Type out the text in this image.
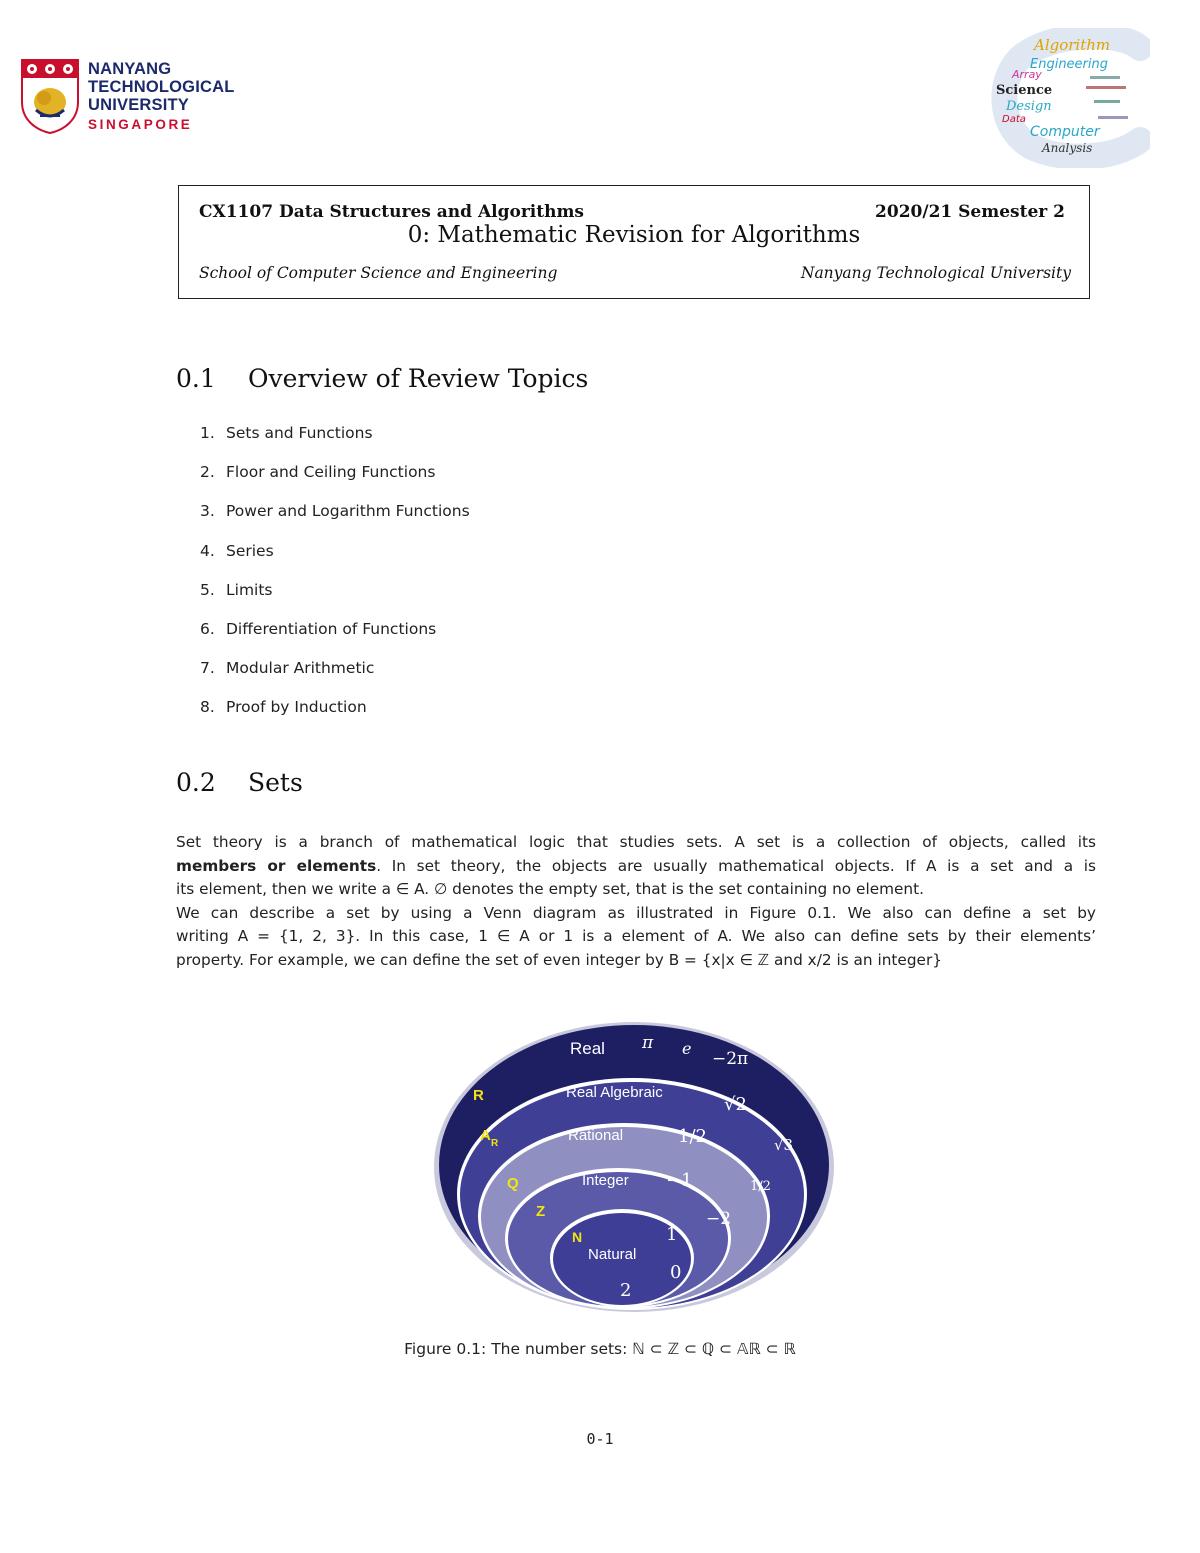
NANYANG
TECHNOLOGICAL
UNIVERSITY
SINGAPORE
Algorithm
Engineering
Science
Design
Data
Computer
Analysis
Array
CX1107 Data Structures and Algorithms	2020/21 Semester 2
0: Mathematic Revision for Algorithms
School of Computer Science and Engineering	Nanyang Technological University
0.1 Overview of Review Topics
1. Sets and Functions
2. Floor and Ceiling Functions
3. Power and Logarithm Functions
4. Series
5. Limits
6. Differentiation of Functions
7. Modular Arithmetic
8. Proof by Induction
0.2 Sets
Set theory is a branch of mathematical logic that studies sets. A set is a collection of objects, called its
members or elements. In set theory, the objects are usually mathematical objects. If A is a set and a is
its element, then we write a ∈ A. ∅ denotes the empty set, that is the set containing no element.
We can describe a set by using a Venn diagram as illustrated in Figure 0.1. We also can define a set by
writing A = {1, 2, 3}. In this case, 1 ∈ A or 1 is a element of A. We also can define sets by their elements’
property. For example, we can define the set of even integer by B = {x|x ∈ ℤ and x/2 is an integer}
Real
Real Algebraic
Rational
Integer
Natural
R
A R
Q
Z
N
π e
−2π
√2
√3
1/2
1/2
−1
−2
1
0
2
Figure 0.1: The number sets: ℕ ⊂ ℤ ⊂ ℚ ⊂ 𝔸ℝ ⊂ ℝ
0-1
